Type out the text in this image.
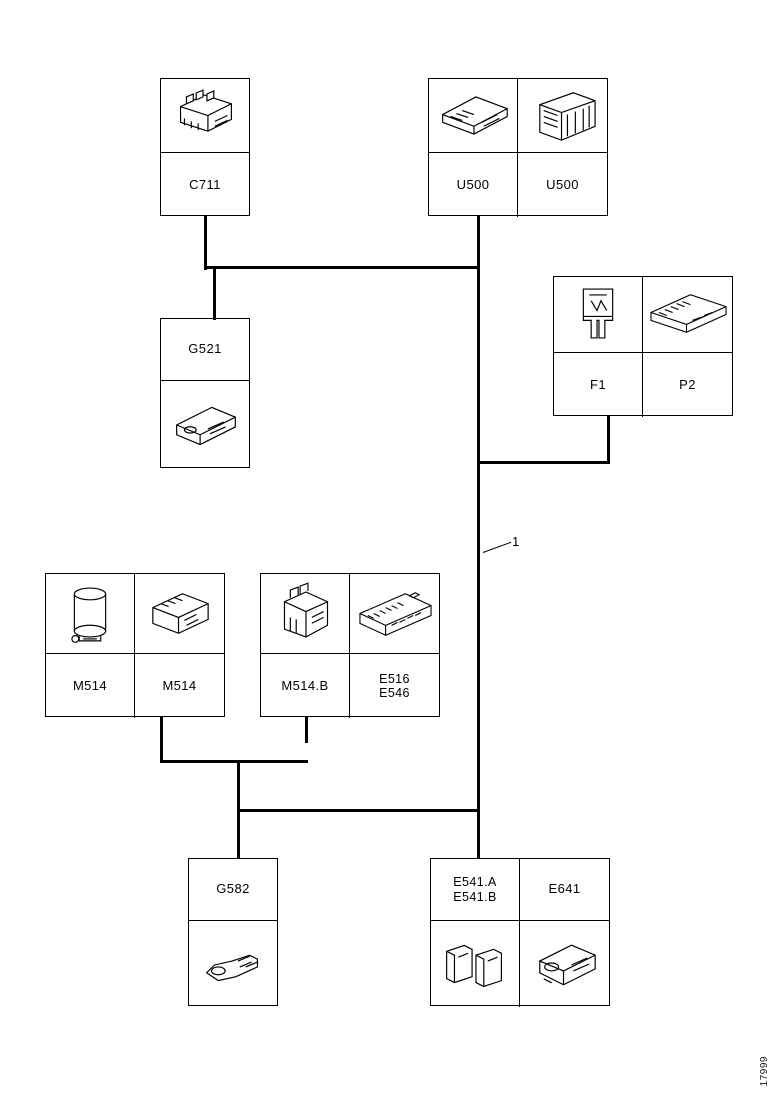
C711	U500	U500
G521
F1	P2
M514	M514	M514.B	E516
E546
G582	E541.A
E541.B
E641
1
17999
